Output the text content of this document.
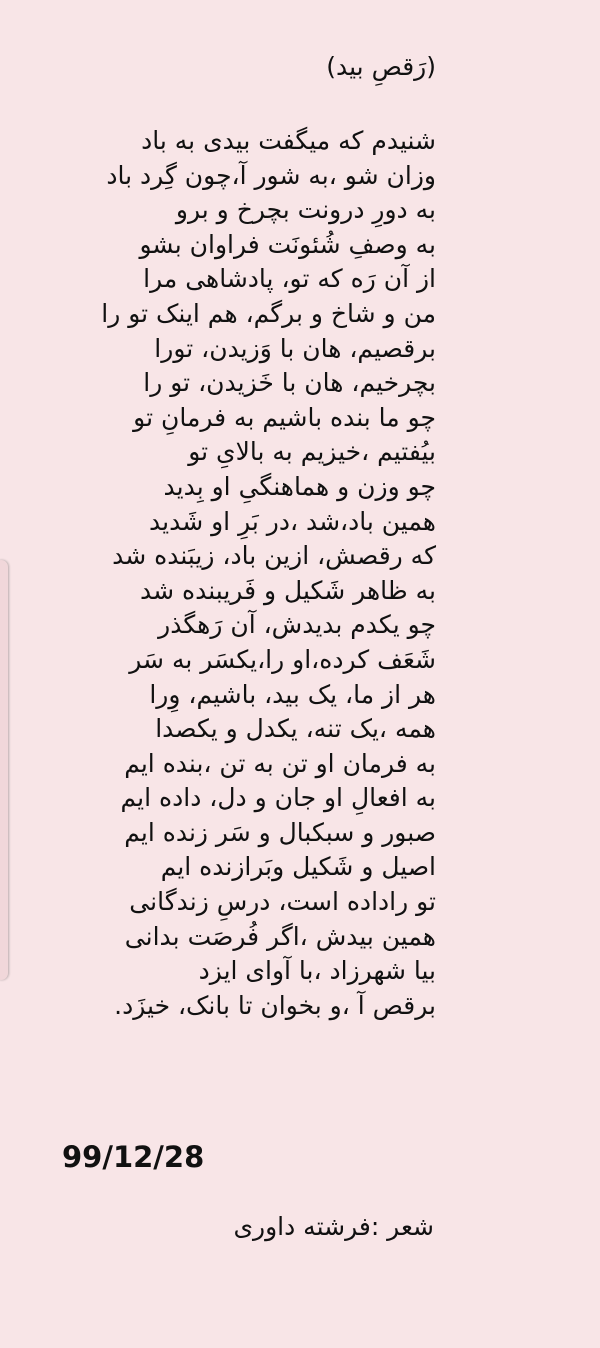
(رَقصِ بید)
شنیدم که میگفت بیدی به باد
وزان شو ،به شور آ،چون گِرد باد
به دورِ درونت بچرخ و برو
به وصفِ شُئونَت فراوان بشو
از آن رَه که تو، پادشاهی مرا
من و شاخ و برگم، هم اینک تو را
برقصیم، هان با وَزیدن، تورا
بچرخیم، هان با خَزیدن، تو را
چو ما بنده باشیم به فرمانِ تو
بیُفتیم ،خیزیم به بالایِ تو
چو وزن و هماهنگیِ او بِدید
همین باد،شد ،در بَرِ او شَدید
که رقصش، ازین باد، زیبَنده شد
به ظاهر شَکیل و فَریبنده شد
چو یکدم بدیدش، آن رَهگذر
شَعَف کرده،او را،یکسَر به سَر
هر از ما، یک بید، باشیم، وِرا
همه ،یک تنه، یکدل و یکصدا
به فرمان او تن به تن ،بنده ایم
به افعالِ او جان و دل، داده ایم
صبور و سبکبال و سَر زنده ایم
اصیل و شَکیل وبَرازنده ایم
تو راداده است، درسِ زندگانی
همین بیدش ،اگر فُرصَت بدانی
بیا شهرزاد ،با آوای ایزد
برقص آ ،و بخوان تا بانک، خیزَد.
99/12/28
شعر :فرشته داوری
